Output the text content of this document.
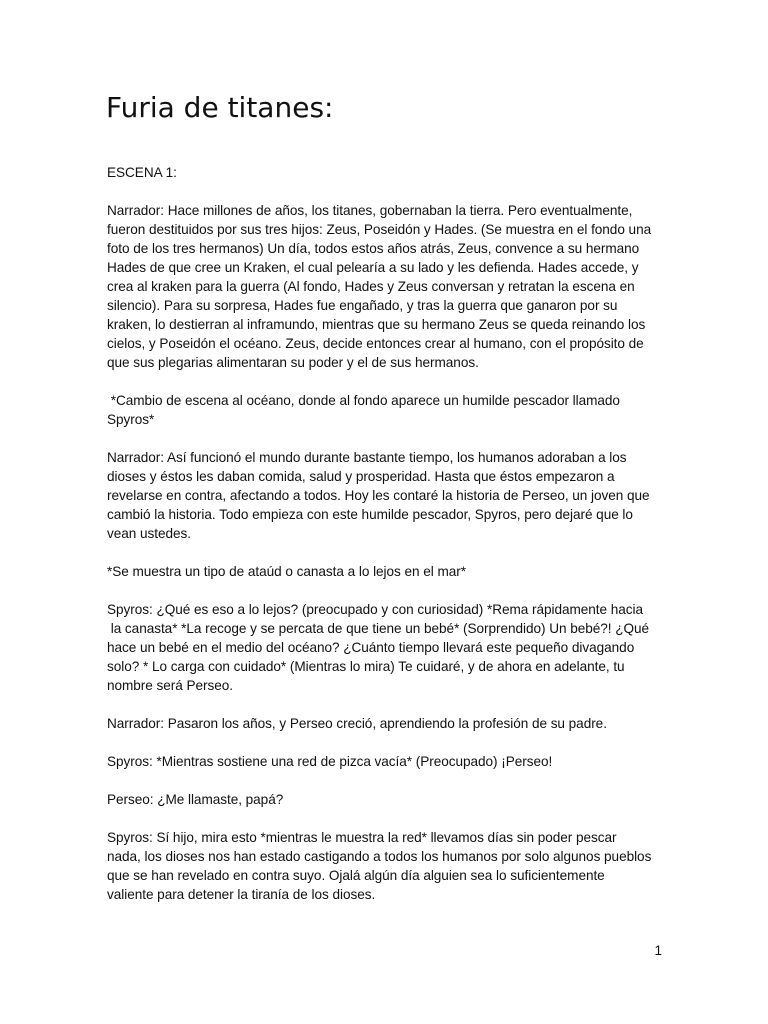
Furia de titanes:

ESCENA 1:

Narrador: Hace millones de años, los titanes, gobernaban la tierra. Pero eventualmente,
fueron destituidos por sus tres hijos: Zeus, Poseidón y Hades. (Se muestra en el fondo una
foto de los tres hermanos) Un día, todos estos años atrás, Zeus, convence a su hermano
Hades de que cree un Kraken, el cual pelearía a su lado y les defienda. Hades accede, y
crea al kraken para la guerra (Al fondo, Hades y Zeus conversan y retratan la escena en
silencio). Para su sorpresa, Hades fue engañado, y tras la guerra que ganaron por su
kraken, lo destierran al inframundo, mientras que su hermano Zeus se queda reinando los
cielos, y Poseidón el océano. Zeus, decide entonces crear al humano, con el propósito de
que sus plegarias alimentaran su poder y el de sus hermanos.

*Cambio de escena al océano, donde al fondo aparece un humilde pescador llamado
Spyros*

Narrador: Así funcionó el mundo durante bastante tiempo, los humanos adoraban a los
dioses y éstos les daban comida, salud y prosperidad. Hasta que éstos empezaron a
revelarse en contra, afectando a todos. Hoy les contaré la historia de Perseo, un joven que
cambió la historia. Todo empieza con este humilde pescador, Spyros, pero dejaré que lo
vean ustedes.

*Se muestra un tipo de ataúd o canasta a lo lejos en el mar*

Spyros: ¿Qué es eso a lo lejos? (preocupado y con curiosidad) *Rema rápidamente hacia
la canasta* *La recoge y se percata de que tiene un bebé* (Sorprendido) Un bebé?! ¿Qué
hace un bebé en el medio del océano? ¿Cuánto tiempo llevará este pequeño divagando
solo? * Lo carga con cuidado* (Mientras lo mira) Te cuidaré, y de ahora en adelante, tu
nombre será Perseo.

Narrador: Pasaron los años, y Perseo creció, aprendiendo la profesión de su padre.

Spyros: *Mientras sostiene una red de pizca vacía* (Preocupado) ¡Perseo!

Perseo: ¿Me llamaste, papá?

Spyros: Sí hijo, mira esto *mientras le muestra la red* llevamos días sin poder pescar
nada, los dioses nos han estado castigando a todos los humanos por solo algunos pueblos
que se han revelado en contra suyo. Ojalá algún día alguien sea lo suficientemente
valiente para detener la tiranía de los dioses.

1
